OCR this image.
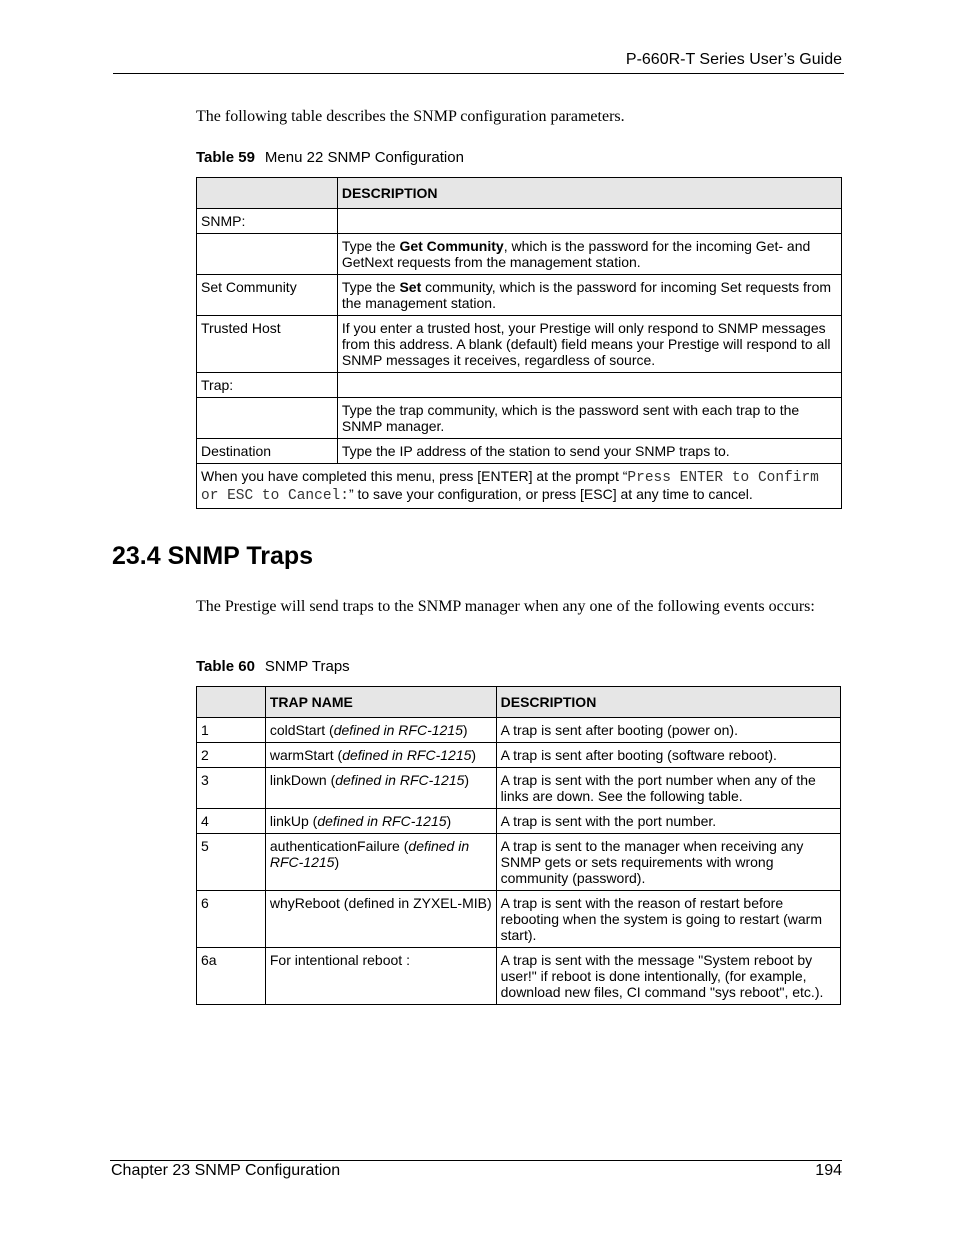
P-660R-T Series User’s Guide
The following table describes the SNMP configuration parameters.
Table 59 Menu 22 SNMP Configuration
	DESCRIPTION
SNMP:	
	Type the Get Community, which is the password for the incoming Get- and GetNext requests from the management station.
Set Community	Type the Set community, which is the password for incoming Set requests from the management station.
Trusted Host	If you enter a trusted host, your Prestige will only respond to SNMP messages from this address. A blank (default) field means your Prestige will respond to all SNMP messages it receives, regardless of source.
Trap:	
	Type the trap community, which is the password sent with each trap to the SNMP manager.
Destination	Type the IP address of the station to send your SNMP traps to.
When you have completed this menu, press [ENTER] at the prompt “Press ENTER to Confirm or ESC to Cancel:” to save your configuration, or press [ESC] at any time to cancel.	
23.4 SNMP Traps
The Prestige will send traps to the SNMP manager when any one of the following events occurs:
Table 60 SNMP Traps
	TRAP NAME	DESCRIPTION
1	coldStart (defined in RFC-1215)	A trap is sent after booting (power on).
2	warmStart (defined in RFC-1215)	A trap is sent after booting (software reboot).
3	linkDown (defined in RFC-1215)	A trap is sent with the port number when any of the links are down. See the following table.
4	linkUp (defined in RFC-1215)	A trap is sent with the port number.
5	authenticationFailure (defined in RFC-1215)	A trap is sent to the manager when receiving any SNMP gets or sets requirements with wrong community (password).
6	whyReboot (defined in ZYXEL-MIB)	A trap is sent with the reason of restart before rebooting when the system is going to restart (warm start).
6a	For intentional reboot :	A trap is sent with the message "System reboot by user!" if reboot is done intentionally, (for example, download new files, CI command "sys reboot", etc.).
Chapter 23 SNMP Configuration	194
